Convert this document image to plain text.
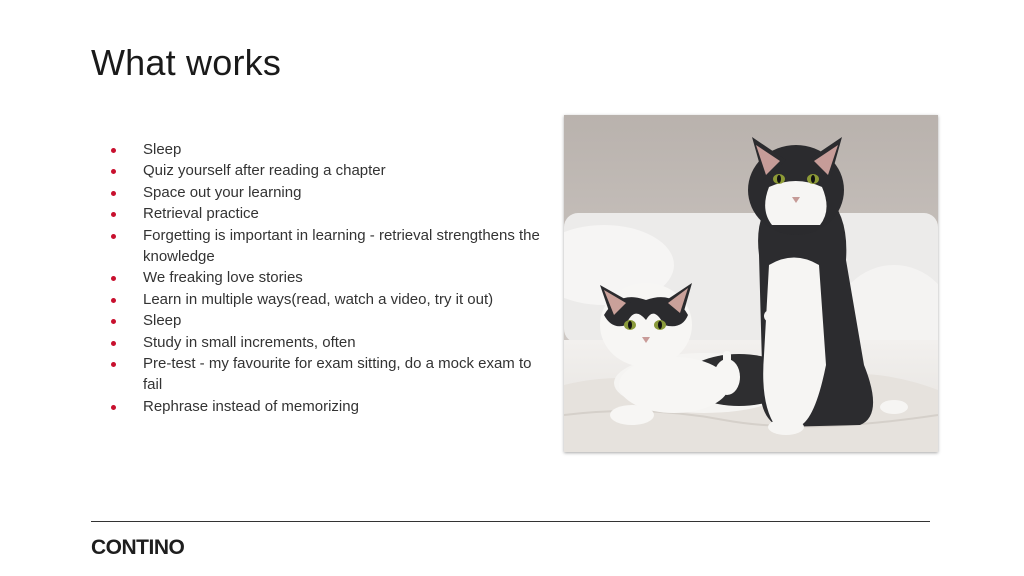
What works
Sleep
Quiz yourself after reading a chapter
Space out your learning
Retrieval practice
Forgetting is important in learning - retrieval strengthens the knowledge
We freaking love stories
Learn in multiple ways(read, watch a video, try it out)
Sleep
Study in small increments, often
Pre-test - my favourite for exam sitting, do a mock exam to fail
Rephrase instead of memorizing
CONTINO
